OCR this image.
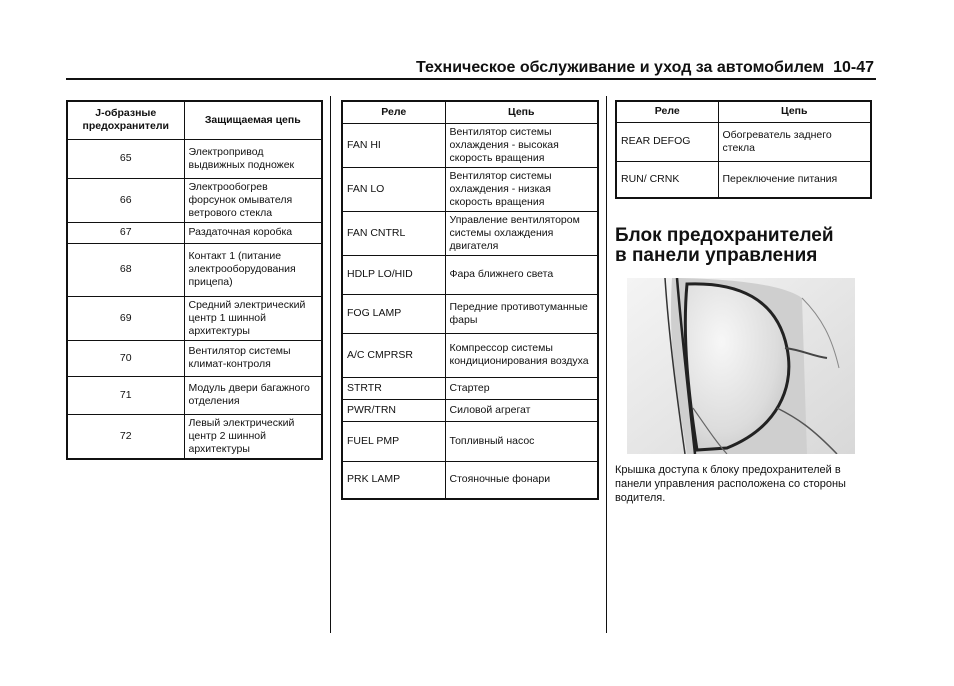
Техническое обслуживание и уход за автомобилем 10-47
J-образные предохранители	Защищаемая цепь
65	Электропривод выдвижных подножек
66	Электрообогрев форсунок омывателя ветрового стекла
67	Раздаточная коробка
68	Контакт 1 (питание электрооборудования прицепа)
69	Средний электрический центр 1 шинной архитектуры
70	Вентилятор системы климат-контроля
71	Модуль двери багажного отделения
72	Левый электрический центр 2 шинной архитектуры
Реле	Цепь
FAN HI	Вентилятор системы охлаждения - высокая скорость вращения
FAN LO	Вентилятор системы охлаждения - низкая скорость вращения
FAN CNTRL	Управление вентилятором системы охлаждения двигателя
HDLP LO/HID	Фара ближнего света
FOG LAMP	Передние противотуманные фары
A/C CMPRSR	Компрессор системы кондиционирования воздуха
STRTR	Стартер
PWR/TRN	Силовой агрегат
FUEL PMP	Топливный насос
PRK LAMP	Стояночные фонари
Реле	Цепь
REAR DEFOG	Обогреватель заднего стекла
RUN/ CRNK	Переключение питания
Блок предохранителей
в панели управления
Крышка доступа к блоку предохранителей в панели управления расположена со стороны водителя.
